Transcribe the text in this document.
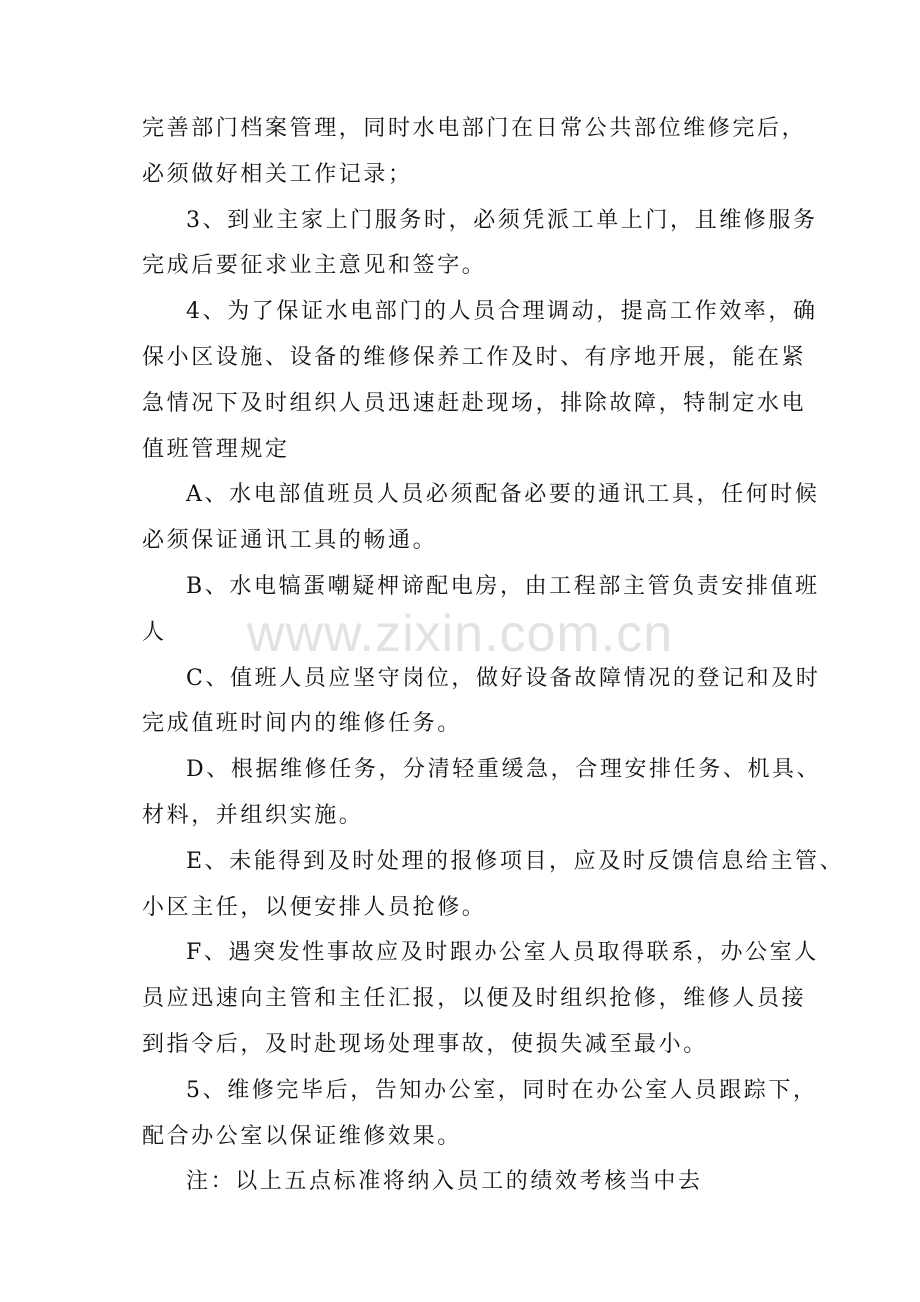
完善部门档案管理，同时水电部门在日常公共部位维修完后，
必须做好相关工作记录；

3、到业主家上门服务时，必须凭派工单上门，且维修服务
完成后要征求业主意见和签字。

4、为了保证水电部门的人员合理调动，提高工作效率，确
保小区设施、设备的维修保养工作及时、有序地开展，能在紧
急情况下及时组织人员迅速赶赴现场，排除故障，特制定水电
值班管理规定

A、水电部值班员人员必须配备必要的通讯工具，任何时候
必须保证通讯工具的畅通。

B、水电犒蛋嘲疑柙谛配电房，由工程部主管负责安排值班
人

C、值班人员应坚守岗位，做好设备故障情况的登记和及时
完成值班时间内的维修任务。

D、根据维修任务，分清轻重缓急，合理安排任务、机具、
材料，并组织实施。

E、未能得到及时处理的报修项目，应及时反馈信息给主管、
小区主任，以便安排人员抢修。

F、遇突发性事故应及时跟办公室人员取得联系，办公室人
员应迅速向主管和主任汇报，以便及时组织抢修，维修人员接
到指令后，及时赴现场处理事故，使损失减至最小。

5、维修完毕后，告知办公室，同时在办公室人员跟踪下，
配合办公室以保证维修效果。

注：以上五点标准将纳入员工的绩效考核当中去

www.zixin.com.cn
